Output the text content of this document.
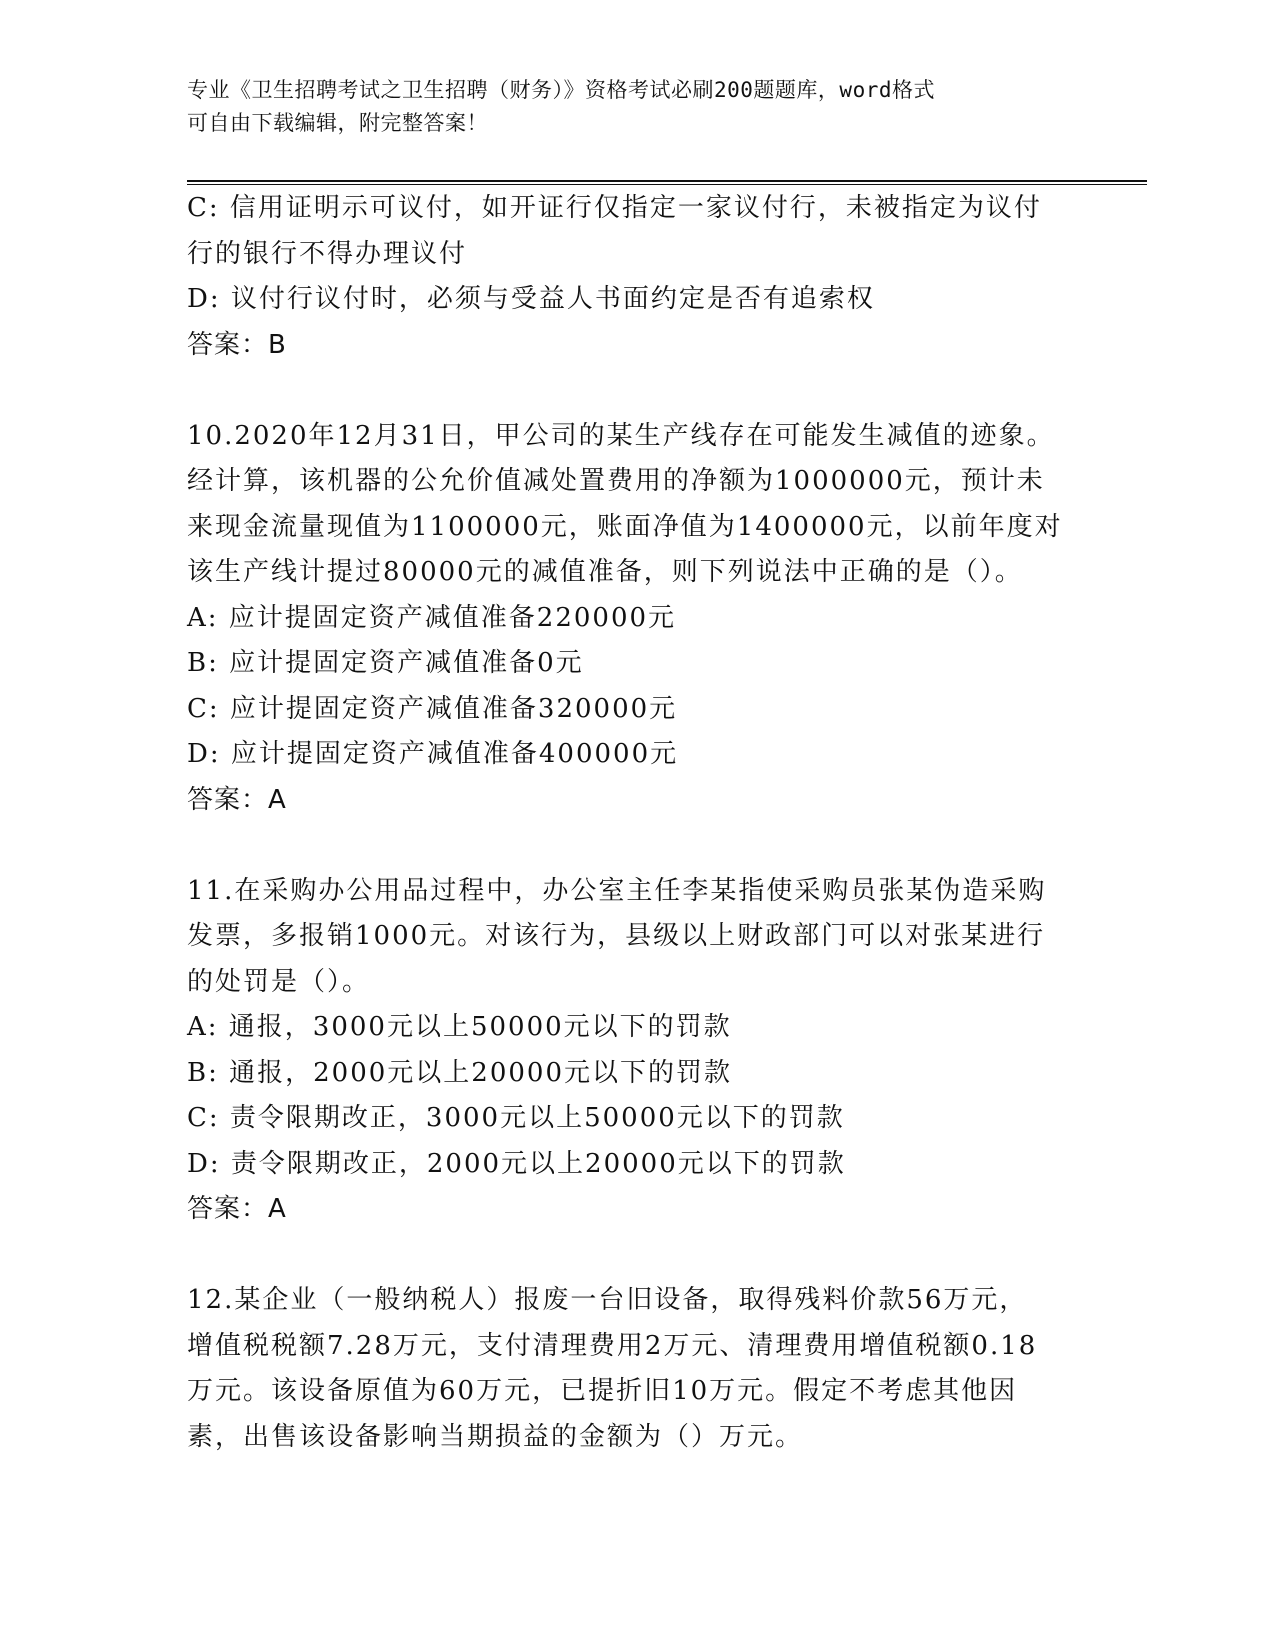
专业《卫生招聘考试之卫生招聘（财务）》资格考试必刷200题题库，word格式
可自由下载编辑，附完整答案！
C: 信用证明示可议付，如开证行仅指定一家议付行，未被指定为议付
行的银行不得办理议付
D: 议付行议付时，必须与受益人书面约定是否有追索权
答案：B
10.2020年12月31日，甲公司的某生产线存在可能发生减值的迹象。
经计算，该机器的公允价值减处置费用的净额为1000000元，预计未
来现金流量现值为1100000元，账面净值为1400000元，以前年度对
该生产线计提过80000元的减值准备，则下列说法中正确的是（）。
A: 应计提固定资产减值准备220000元
B: 应计提固定资产减值准备0元
C: 应计提固定资产减值准备320000元
D: 应计提固定资产减值准备400000元
答案：A
11.在采购办公用品过程中，办公室主任李某指使采购员张某伪造采购
发票，多报销1000元。对该行为，县级以上财政部门可以对张某进行
的处罚是（）。
A: 通报，3000元以上50000元以下的罚款
B: 通报，2000元以上20000元以下的罚款
C: 责令限期改正，3000元以上50000元以下的罚款
D: 责令限期改正，2000元以上20000元以下的罚款
答案：A
12.某企业（一般纳税人）报废一台旧设备，取得残料价款56万元，
增值税税额7.28万元，支付清理费用2万元、清理费用增值税额0.18
万元。该设备原值为60万元，已提折旧10万元。假定不考虑其他因
素，出售该设备影响当期损益的金额为（）万元。
